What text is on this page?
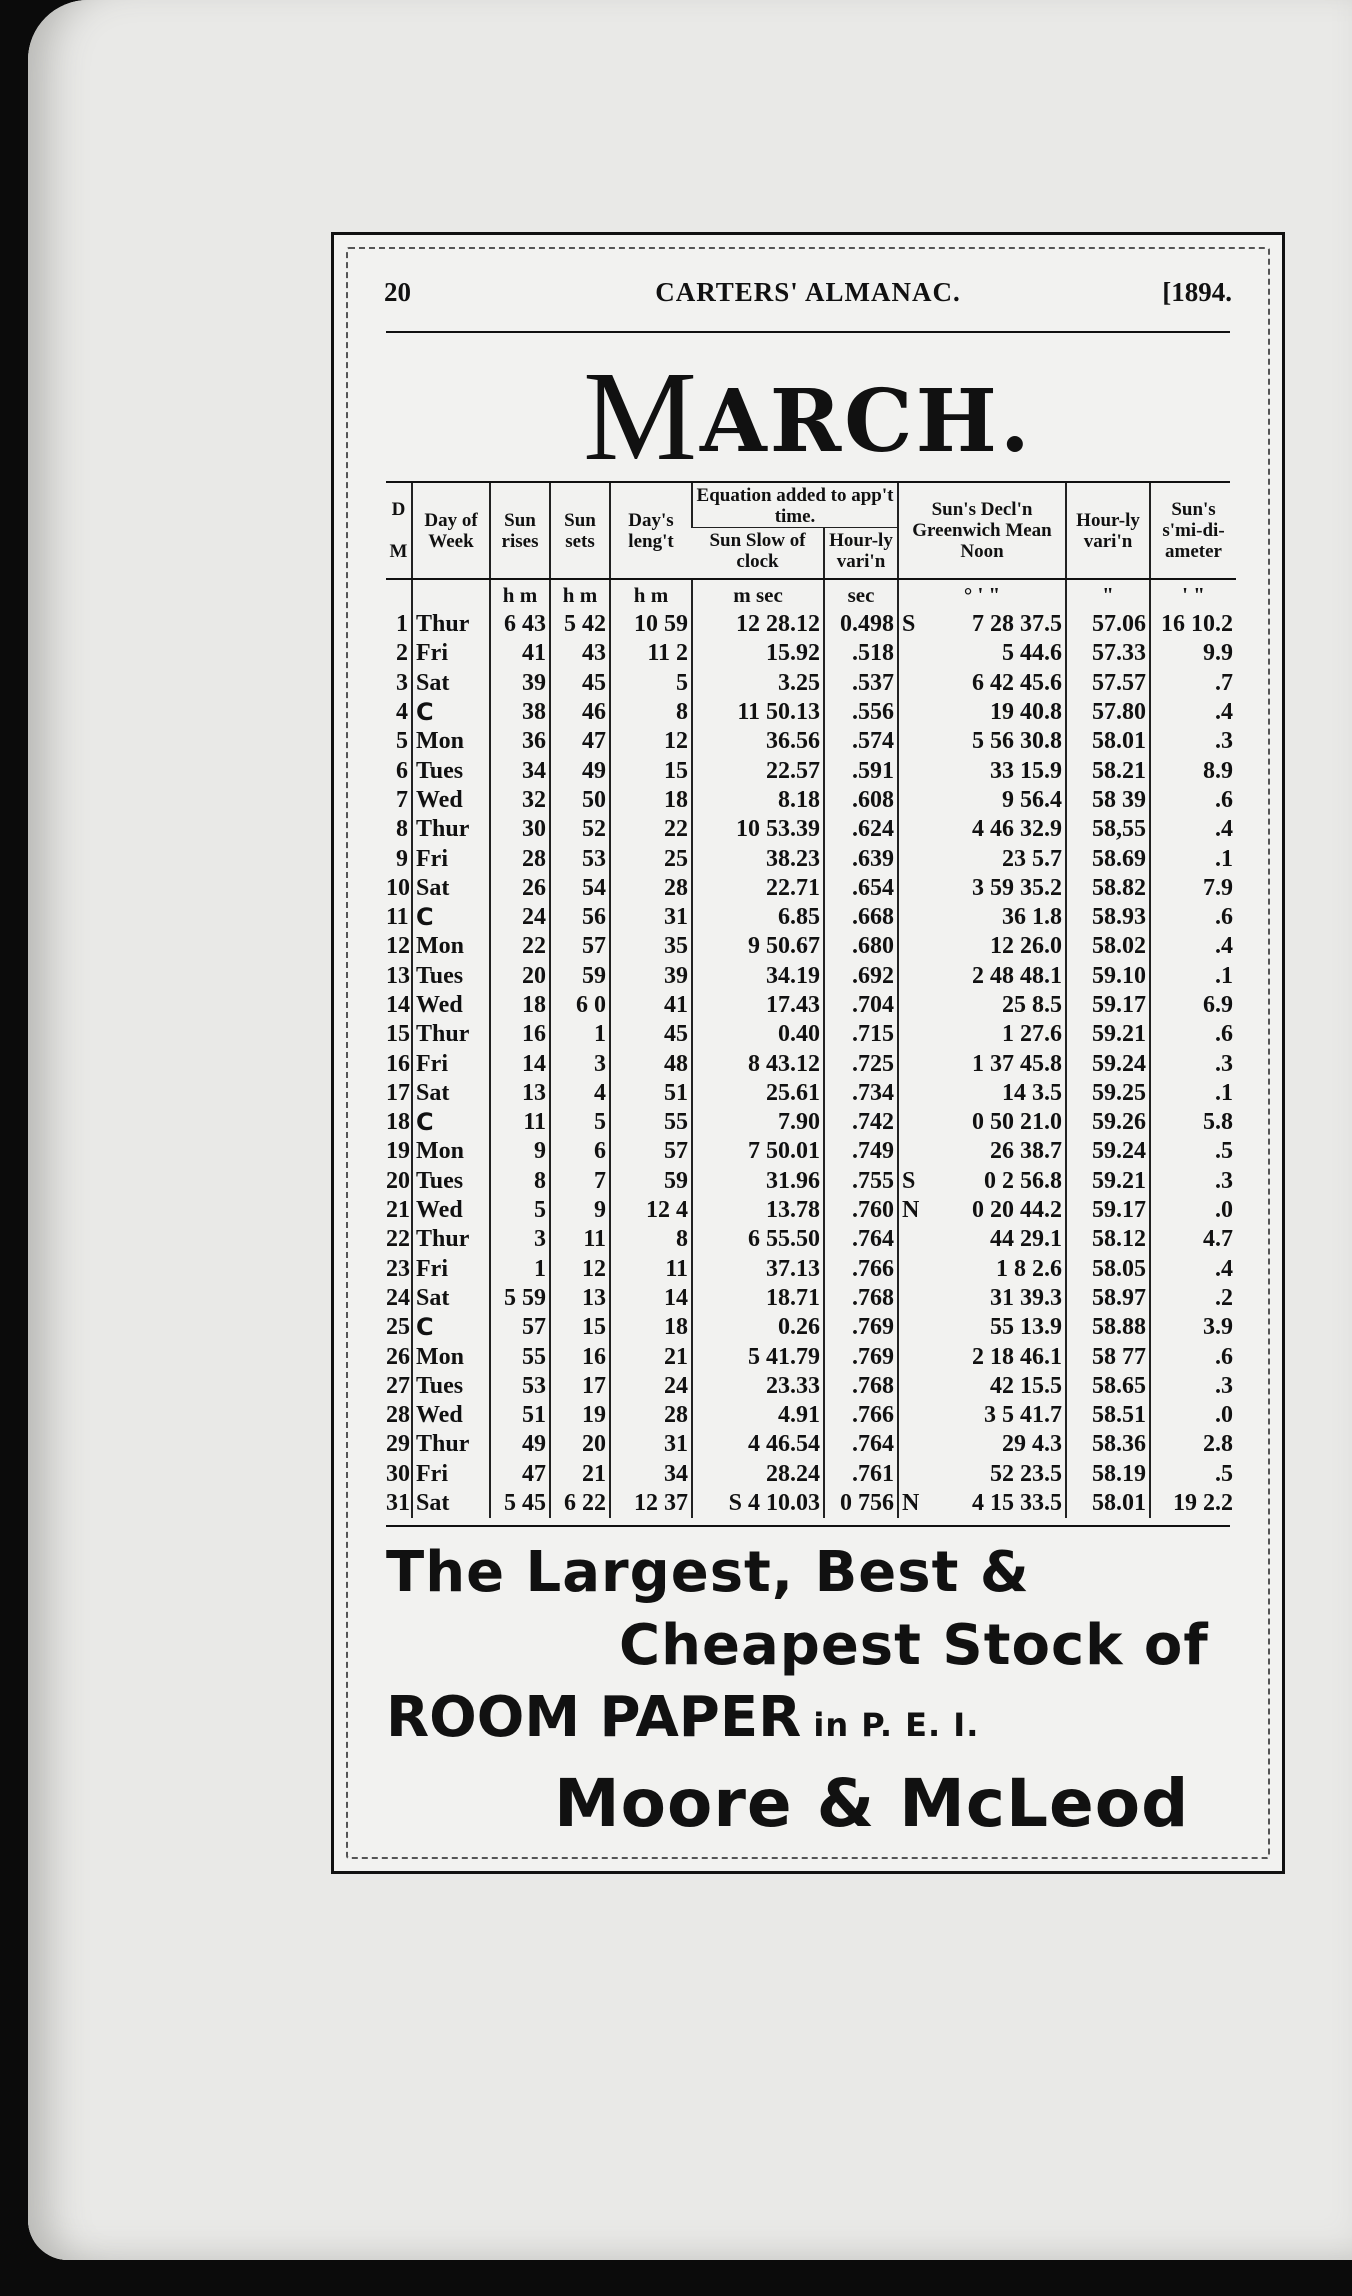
20	CARTERS' ALMANAC.	[1894.
MARCH.
D

M	Day of Week	Sun rises	Sun sets	Day's leng't	Equation added to app't time.		Sun's Decl'n Greenwich Mean Noon	Hour-ly vari'n	Sun's s'mi-di-ameter
					Sun Slow of clock	Hour-ly vari'n			
		h m	h m	h m	m sec	sec	° ' "	"	' "
1	Thur	6 43	5 42	10 59	12 28.12	0.498	S 7 28 37.5	57.06	16 10.2
2	Fri	41	43	11 2	15.92	.518	5 44.6	57.33	9.9
3	Sat	39	45	5	3.25	.537	6 42 45.6	57.57	.7
4	C	38	46	8	11 50.13	.556	19 40.8	57.80	.4
5	Mon	36	47	12	36.56	.574	5 56 30.8	58.01	.3
6	Tues	34	49	15	22.57	.591	33 15.9	58.21	8.9
7	Wed	32	50	18	8.18	.608	9 56.4	58 39	.6
8	Thur	30	52	22	10 53.39	.624	4 46 32.9	58,55	.4
9	Fri	28	53	25	38.23	.639	23 5.7	58.69	.1
10	Sat	26	54	28	22.71	.654	3 59 35.2	58.82	7.9
11	C	24	56	31	6.85	.668	36 1.8	58.93	.6
12	Mon	22	57	35	9 50.67	.680	12 26.0	58.02	.4
13	Tues	20	59	39	34.19	.692	2 48 48.1	59.10	.1
14	Wed	18	6 0	41	17.43	.704	25 8.5	59.17	6.9
15	Thur	16	1	45	0.40	.715	1 27.6	59.21	.6
16	Fri	14	3	48	8 43.12	.725	1 37 45.8	59.24	.3
17	Sat	13	4	51	25.61	.734	14 3.5	59.25	.1
18	C	11	5	55	7.90	.742	0 50 21.0	59.26	5.8
19	Mon	9	6	57	7 50.01	.749	26 38.7	59.24	.5
20	Tues	8	7	59	31.96	.755	S 0 2 56.8	59.21	.3
21	Wed	5	9	12 4	13.78	.760	N 0 20 44.2	59.17	.0
22	Thur	3	11	8	6 55.50	.764	44 29.1	58.12	4.7
23	Fri	1	12	11	37.13	.766	1 8 2.6	58.05	.4
24	Sat	5 59	13	14	18.71	.768	31 39.3	58.97	.2
25	C	57	15	18	0.26	.769	55 13.9	58.88	3.9
26	Mon	55	16	21	5 41.79	.769	2 18 46.1	58 77	.6
27	Tues	53	17	24	23.33	.768	42 15.5	58.65	.3
28	Wed	51	19	28	4.91	.766	3 5 41.7	58.51	.0
29	Thur	49	20	31	4 46.54	.764	29 4.3	58.36	2.8
30	Fri	47	21	34	28.24	.761	52 23.5	58.19	.5
31	Sat	5 45	6 22	12 37	S 4 10.03	0 756	N 4 15 33.5	58.01	19 2.2
The Largest, Best &
Cheapest Stock of
ROOM PAPER in P. E. I.
Moore & McLeod
